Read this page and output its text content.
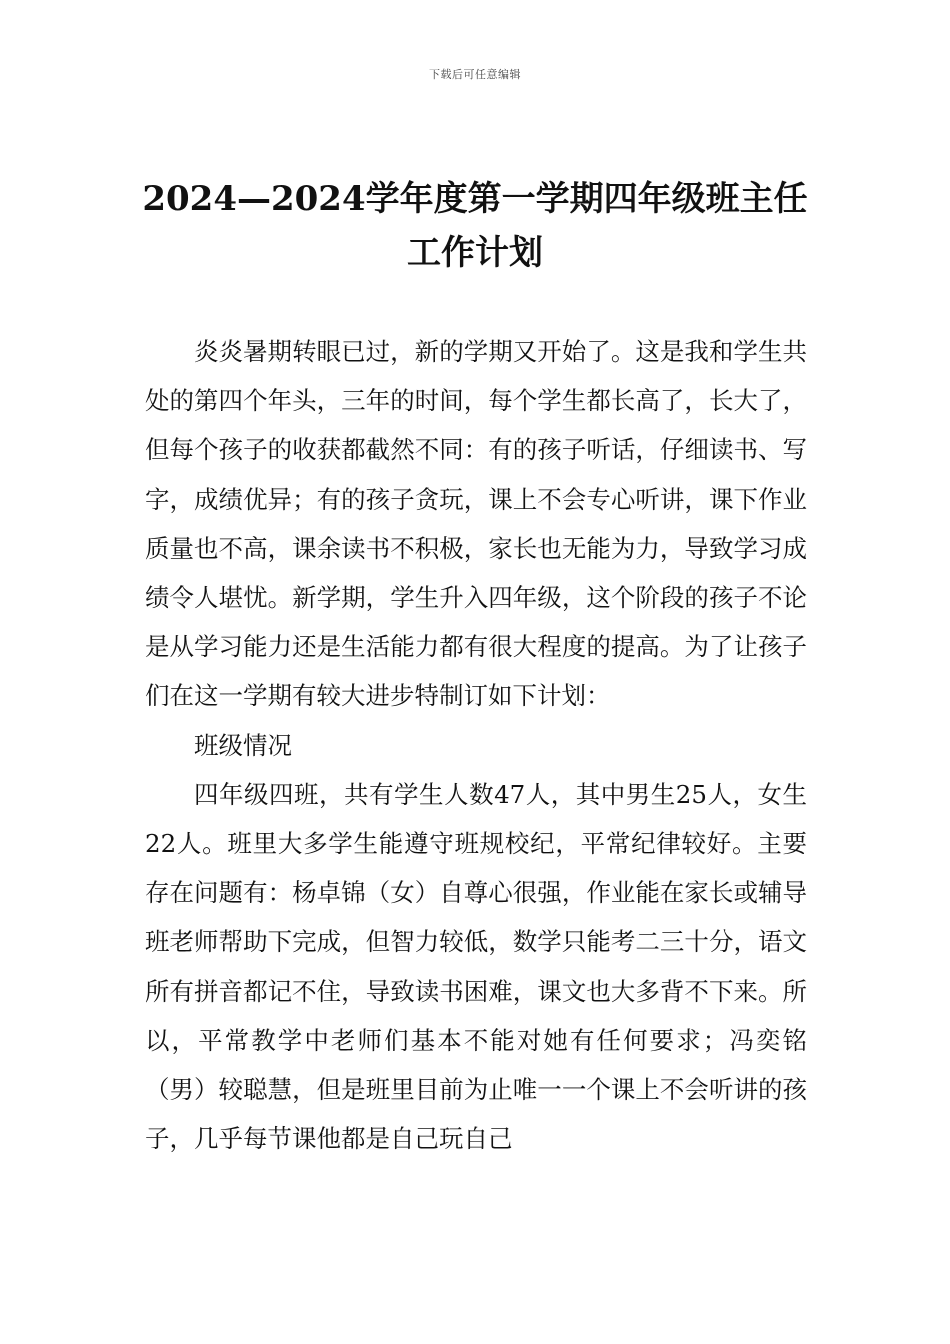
下载后可任意编辑
2024—2024学年度第一学期四年级班主任工作计划

炎炎暑期转眼已过，新的学期又开始了。这是我和学生共处的第四个年头，三年的时间，每个学生都长高了，长大了，但每个孩子的收获都截然不同：有的孩子听话，仔细读书、写字，成绩优异；有的孩子贪玩，课上不会专心听讲，课下作业质量也不高，课余读书不积极，家长也无能为力，导致学习成绩令人堪忧。新学期，学生升入四年级，这个阶段的孩子不论是从学习能力还是生活能力都有很大程度的提高。为了让孩子们在这一学期有较大进步特制订如下计划：

班级情况

四年级四班，共有学生人数47人，其中男生25人，女生22人。班里大多学生能遵守班规校纪，平常纪律较好。主要存在问题有：杨卓锦（女）自尊心很强，作业能在家长或辅导班老师帮助下完成，但智力较低，数学只能考二三十分，语文所有拼音都记不住，导致读书困难，课文也大多背不下来。所以，平常教学中老师们基本不能对她有任何要求；冯奕铭（男）较聪慧，但是班里目前为止唯一一个课上不会听讲的孩子，几乎每节课他都是自己玩自己
